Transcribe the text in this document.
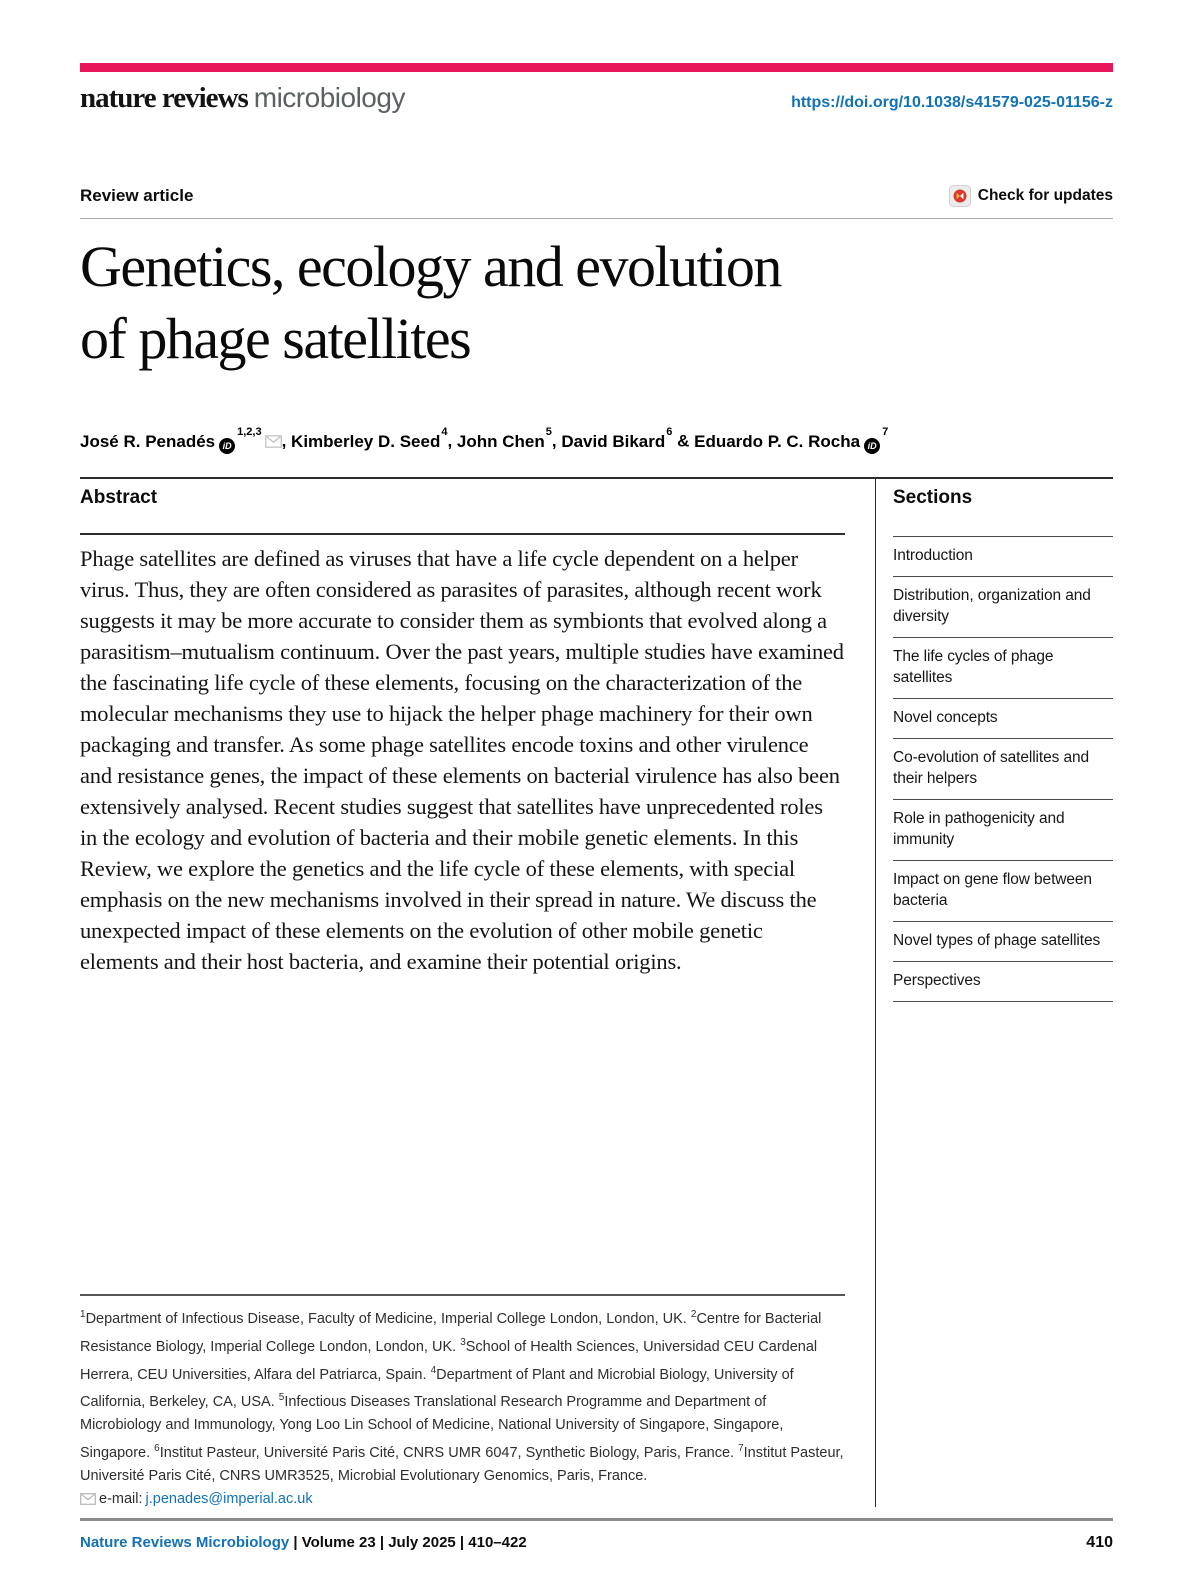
nature reviews microbiology	https://doi.org/10.1038/s41579-025-01156-z
Review article	Check for updates
Genetics, ecology and evolution
of phage satellites
José R. Penadés iD$^{1,2,3}$ , Kimberley D. Seed$^4$, John Chen$^5$, David Bikard$^6$ & Eduardo P. C. Rocha $iD^7$
Abstract

Phage satellites are defined as viruses that have a life cycle dependent on a helper virus. Thus, they are often considered as parasites of parasites, although recent work suggests it may be more accurate to consider them as symbionts that evolved along a parasitism–mutualism continuum. Over the past years, multiple studies have examined the fascinating life cycle of these elements, focusing on the characterization of the molecular mechanisms they use to hijack the helper phage machinery for their own packaging and transfer. As some phage satellites encode toxins and other virulence and resistance genes, the impact of these elements on bacterial virulence has also been extensively analysed. Recent studies suggest that satellites have unprecedented roles in the ecology and evolution of bacteria and their mobile genetic elements. In this Review, we explore the genetics and the life cycle of these elements, with special emphasis on the new mechanisms involved in their spread in nature. We discuss the unexpected impact of these elements on the evolution of other mobile genetic elements and their host bacteria, and examine their potential origins.

$^1$Department of Infectious Disease, Faculty of Medicine, Imperial College London, London, UK. $^2$Centre for Bacterial Resistance Biology, Imperial College London, London, UK. $^3$School of Health Sciences, Universidad CEU Cardenal Herrera, CEU Universities, Alfara del Patriarca, Spain. $^4$Department of Plant and Microbial Biology, University of California, Berkeley, CA, USA. $^5$Infectious Diseases Translational Research Programme and Department of Microbiology and Immunology, Yong Loo Lin School of Medicine, National University of Singapore, Singapore, Singapore. $^6$Institut Pasteur, Université Paris Cité, CNRS UMR 6047, Synthetic Biology, Paris, France. $^7$Institut Pasteur, Université Paris Cité, CNRS UMR3525, Microbial Evolutionary Genomics, Paris, France.

e-mail: j.penades@imperial.ac.uk
Sections
Introduction
Distribution, organization and diversity
The life cycles of phage satellites
Novel concepts
Co-evolution of satellites and their helpers
Role in pathogenicity and immunity
Impact on gene flow between bacteria
Novel types of phage satellites
Perspectives
Nature Reviews Microbiology | Volume 23 | July 2025 | 410–422	410
